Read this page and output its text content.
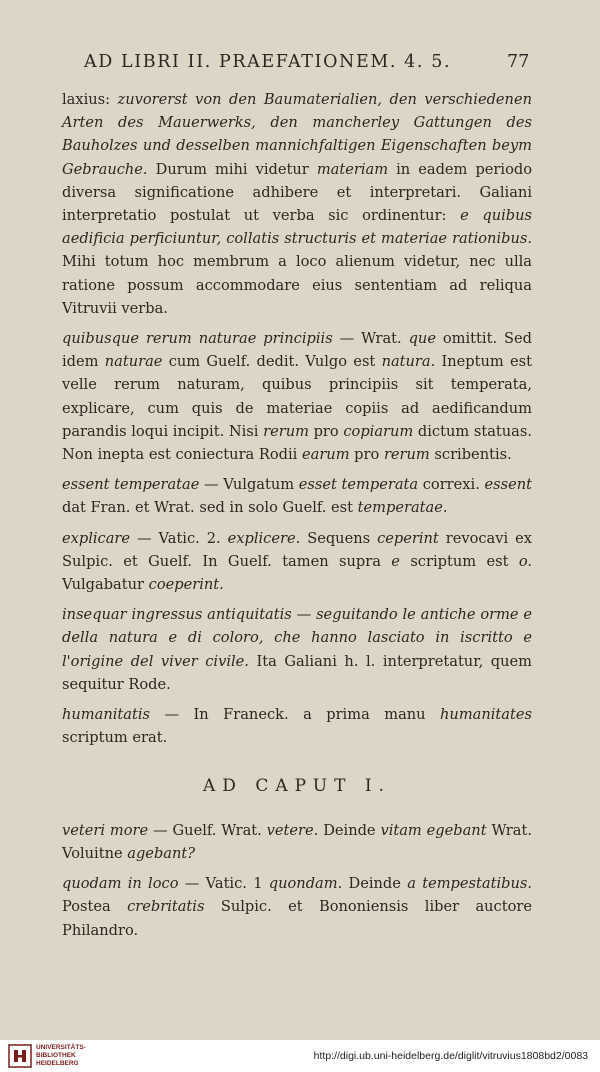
AD LIBRI II. PRAEFATIONEM. 4. 5.	77

laxius: zuvorerst von den Baumaterialien, den verschiedenen Arten des Mauerwerks, den mancherley Gattungen des Bauholzes und desselben mannichfaltigen Eigenschaften beym Gebrauche. Durum mihi videtur materiam in eadem periodo diversa significatione adhibere et interpretari. Galiani interpretatio postulat ut verba sic ordinentur: e quibus aedificia perficiuntur, collatis structuris et materiae rationibus. Mihi totum hoc membrum a loco alienum videtur, nec ulla ratione possum accommodare eius sententiam ad reliqua Vitruvii verba.

quibusque rerum naturae principiis — Wrat. que omittit. Sed idem naturae cum Guelf. dedit. Vulgo est natura. Ineptum est velle rerum naturam, quibus principiis sit temperata, explicare, cum quis de materiae copiis ad aedificandum parandis loqui incipit. Nisi rerum pro copiarum dictum statuas. Non inepta est coniectura Rodii earum pro rerum scribentis.

essent temperatae — Vulgatum esset temperata correxi. essent dat Fran. et Wrat. sed in solo Guelf. est temperatae.

explicare — Vatic. 2. explicere. Sequens ceperint revocavi ex Sulpic. et Guelf. In Guelf. tamen supra e scriptum est o. Vulgabatur coeperint.

insequar ingressus antiquitatis — seguitando le antiche orme e della natura e di coloro, che hanno lasciato in iscritto e l'origine del viver civile. Ita Galiani h. l. interpretatur, quem sequitur Rode.

humanitatis — In Franeck. a prima manu humanitates scriptum erat.

AD CAPUT I.

veteri more — Guelf. Wrat. vetere. Deinde vitam egebant Wrat. Voluitne agebant?

quodam in loco — Vatic. 1 quondam. Deinde a tempestatibus. Postea crebritatis Sulpic. et Bononiensis liber auctore Philandro.

UNIVERSITÄTS-
BIBLIOTHEK
HEIDELBERG
http://digi.ub.uni-heidelberg.de/diglit/vitruvius1808bd2/0083
